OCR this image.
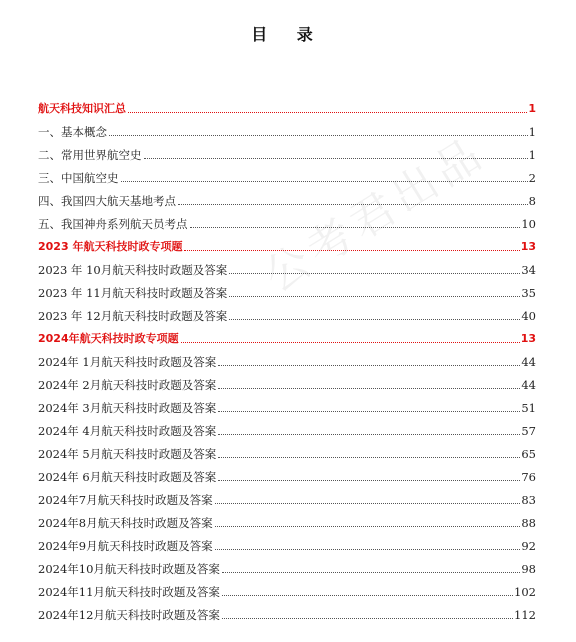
目 录
航天科技知识汇总	1
一、基本概念	1
二、常用世界航空史	1
三、中国航空史	2
四、我国四大航天基地考点	8
五、我国神舟系列航天员考点	10
2023 年航天科技时政专项题	13
2023 年 10月航天科技时政题及答案	34
2023 年 11月航天科技时政题及答案	35
2023 年 12月航天科技时政题及答案	40
2024年航天科技时政专项题	13
2024年 1月航天科技时政题及答案	44
2024年 2月航天科技时政题及答案	44
2024年 3月航天科技时政题及答案	51
2024年 4月航天科技时政题及答案	57
2024年 5月航天科技时政题及答案	65
2024年 6月航天科技时政题及答案	76
2024年7月航天科技时政题及答案	83
2024年8月航天科技时政题及答案	88
2024年9月航天科技时政题及答案	92
2024年10月航天科技时政题及答案	98
2024年11月航天科技时政题及答案	102
2024年12月航天科技时政题及答案	112
公考君出品
